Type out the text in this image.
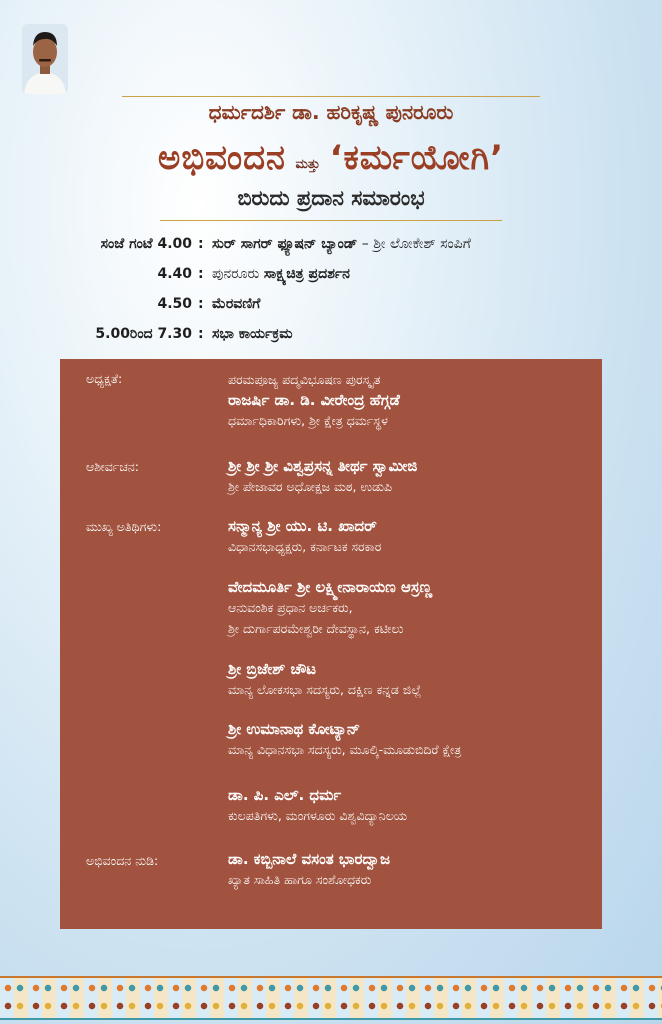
ಧರ್ಮದರ್ಶಿ ಡಾ. ಹರಿಕೃಷ್ಣ ಪುನರೂರು
ಅಭಿವಂದನ ಮತ್ತು ‘ಕರ್ಮಯೋಗಿ’
ಬಿರುದು ಪ್ರದಾನ ಸಮಾರಂಭ
ಸಂಜೆ ಗಂಟೆ 4.00 : ಸುರ್ ಸಾಗರ್ ಫ್ಯೂಷನ್ ಬ್ಯಾಂಡ್ – ಶ್ರೀ ಲೋಕೇಶ್ ಸಂಪಿಗೆ
4.40 : ಪುನರೂರು ಸಾಕ್ಷ್ಯಚಿತ್ರ ಪ್ರದರ್ಶನ
4.50 : ಮೆರವಣಿಗೆ
5.00ರಿಂದ 7.30 : ಸಭಾ ಕಾರ್ಯಕ್ರಮ
ಅಧ್ಯಕ್ಷತೆ:	ಪರಮಪೂಜ್ಯ ಪದ್ಮವಿಭೂಷಣ ಪುರಸ್ಕೃತ
ರಾಜರ್ಷಿ ಡಾ. ಡಿ. ವೀರೇಂದ್ರ ಹೆಗ್ಗಡೆ
ಧರ್ಮಾಧಿಕಾರಿಗಳು, ಶ್ರೀ ಕ್ಷೇತ್ರ ಧರ್ಮಸ್ಥಳ
ಆಶೀರ್ವಚನ:	ಶ್ರೀ ಶ್ರೀ ಶ್ರೀ ವಿಶ್ವಪ್ರಸನ್ನ ತೀರ್ಥ ಸ್ವಾಮೀಜಿ
ಶ್ರೀ ಪೇಜಾವರ ಅಧೋಕ್ಷಜ ಮಠ, ಉಡುಪಿ
ಮುಖ್ಯ ಅತಿಥಿಗಳು:	ಸನ್ಮಾನ್ಯ ಶ್ರೀ ಯು. ಟಿ. ಖಾದರ್
ವಿಧಾನಸಭಾಧ್ಯಕ್ಷರು, ಕರ್ನಾಟಕ ಸರಕಾರ
ವೇದಮೂರ್ತಿ ಶ್ರೀ ಲಕ್ಷ್ಮೀನಾರಾಯಣ ಆಸ್ರಣ್ಣ
ಆನುವಂಶಿಕ ಪ್ರಧಾನ ಅರ್ಚಕರು,
ಶ್ರೀ ದುರ್ಗಾಪರಮೇಶ್ವರೀ ದೇವಸ್ಥಾನ, ಕಟೀಲು
ಶ್ರೀ ಬ್ರಿಜೇಶ್ ಚೌಟ
ಮಾನ್ಯ ಲೋಕಸಭಾ ಸದಸ್ಯರು, ದಕ್ಷಿಣ ಕನ್ನಡ ಜಿಲ್ಲೆ
ಶ್ರೀ ಉಮಾನಾಥ ಕೋಟ್ಯಾನ್
ಮಾನ್ಯ ವಿಧಾನಸಭಾ ಸದಸ್ಯರು, ಮೂಲ್ಕಿ-ಮೂಡುಬಿದಿರೆ ಕ್ಷೇತ್ರ
ಡಾ. ಪಿ. ಎಲ್. ಧರ್ಮ
ಕುಲಪತಿಗಳು, ಮಂಗಳೂರು ವಿಶ್ವವಿದ್ಯಾನಿಲಯ
ಅಭಿವಂದನ ನುಡಿ:	ಡಾ. ಕಬ್ಬಿನಾಲೆ ವಸಂತ ಭಾರದ್ವಾಜ
ಖ್ಯಾತ ಸಾಹಿತಿ ಹಾಗೂ ಸಂಶೋಧಕರು
